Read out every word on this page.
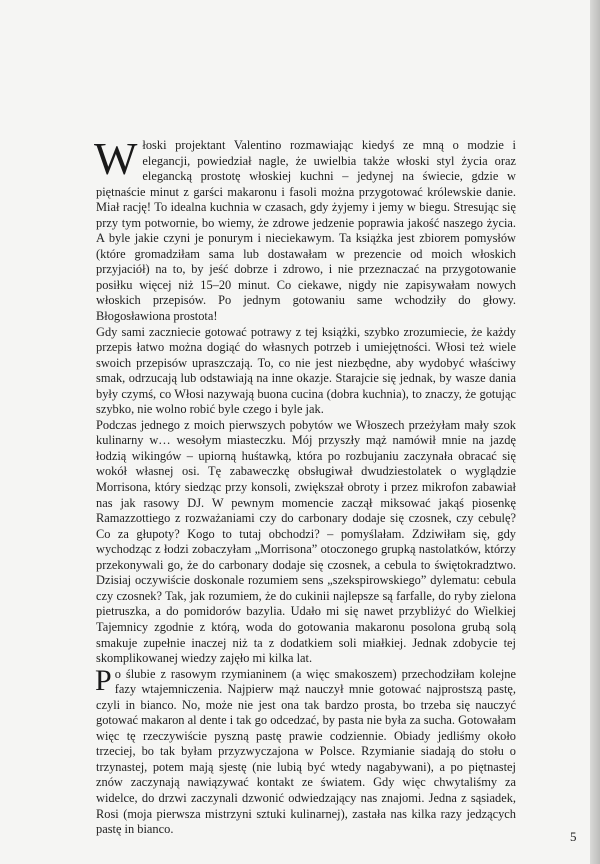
Włoski projektant Valentino rozmawiając kiedyś ze mną o modzie i elegancji, powiedział nagle, że uwielbia także włoski styl życia oraz elegancką prostotę włoskiej kuchni – jedynej na świecie, gdzie w piętnaście minut z garści makaronu i fasoli można przygotować królewskie danie. Miał rację! To idealna kuchnia w czasach, gdy żyjemy i jemy w biegu. Stresując się przy tym potwornie, bo wiemy, że zdrowe jedzenie poprawia jakość naszego życia. A byle jakie czyni je ponurym i nieciekawym. Ta książka jest zbiorem pomysłów (które gromadziłam sama lub dostawałam w prezencie od moich włoskich przyjaciół) na to, by jeść dobrze i zdrowo, i nie przeznaczać na przygotowanie posiłku więcej niż 15–20 minut. Co ciekawe, nigdy nie zapisywałam nowych włoskich przepisów. Po jednym gotowaniu same wchodziły do głowy. Błogosławiona prostota!

Gdy sami zaczniecie gotować potrawy z tej książki, szybko zrozumiecie, że każdy przepis łatwo można dogiąć do własnych potrzeb i umiejętności. Włosi też wiele swoich przepisów upraszczają. To, co nie jest niezbędne, aby wydobyć właściwy smak, odrzucają lub odstawiają na inne okazje. Starajcie się jednak, by wasze dania były czymś, co Włosi nazywają buona cucina (dobra kuchnia), to znaczy, że gotując szybko, nie wolno robić byle czego i byle jak.

Podczas jednego z moich pierwszych pobytów we Włoszech przeżyłam mały szok kulinarny w… wesołym miasteczku. Mój przyszły mąż namówił mnie na jazdę łodzią wikingów – upiorną huśtawką, która po rozbujaniu zaczynała obracać się wokół własnej osi. Tę zabaweczkę obsługiwał dwudziestolatek o wyglądzie Morrisona, który siedząc przy konsoli, zwiększał obroty i przez mikrofon zabawiał nas jak rasowy DJ. W pewnym momencie zaczął miksować jakąś piosenkę Ramazzottiego z rozważaniami czy do carbonary dodaje się czosnek, czy cebulę? Co za głupoty? Kogo to tutaj obchodzi? – pomyślałam. Zdziwiłam się, gdy wychodząc z łodzi zobaczyłam „Morrisona” otoczonego grupką nastolatków, którzy przekonywali go, że do carbonary dodaje się czosnek, a cebula to świętokradztwo. Dzisiaj oczywiście doskonale rozumiem sens „szekspirowskiego” dylematu: cebula czy czosnek? Tak, jak rozumiem, że do cukinii najlepsze są farfalle, do ryby zielona pietruszka, a do pomidorów bazylia. Udało mi się nawet przybliżyć do Wielkiej Tajemnicy zgodnie z którą, woda do gotowania makaronu posolona grubą solą smakuje zupełnie inaczej niż ta z dodatkiem soli miałkiej. Jednak zdobycie tej skomplikowanej wiedzy zajęło mi kilka lat.

Po ślubie z rasowym rzymianinem (a więc smakoszem) przechodziłam kolejne fazy wtajemniczenia. Najpierw mąż nauczył mnie gotować najprostszą pastę, czyli in bianco. No, może nie jest ona tak bardzo prosta, bo trzeba się nauczyć gotować makaron al dente i tak go odcedzać, by pasta nie była za sucha. Gotowałam więc tę rzeczywiście pyszną pastę prawie codziennie. Obiady jedliśmy około trzeciej, bo tak byłam przyzwyczajona w Polsce. Rzymianie siadają do stołu o trzynastej, potem mają sjestę (nie lubią być wtedy nagabywani), a po piętnastej znów zaczynają nawiązywać kontakt ze światem. Gdy więc chwytaliśmy za widelce, do drzwi zaczynali dzwonić odwiedzający nas znajomi. Jedna z sąsiadek, Rosi (moja pierwsza mistrzyni sztuki kulinarnej), zastała nas kilka razy jedzących pastę in bianco.	5
